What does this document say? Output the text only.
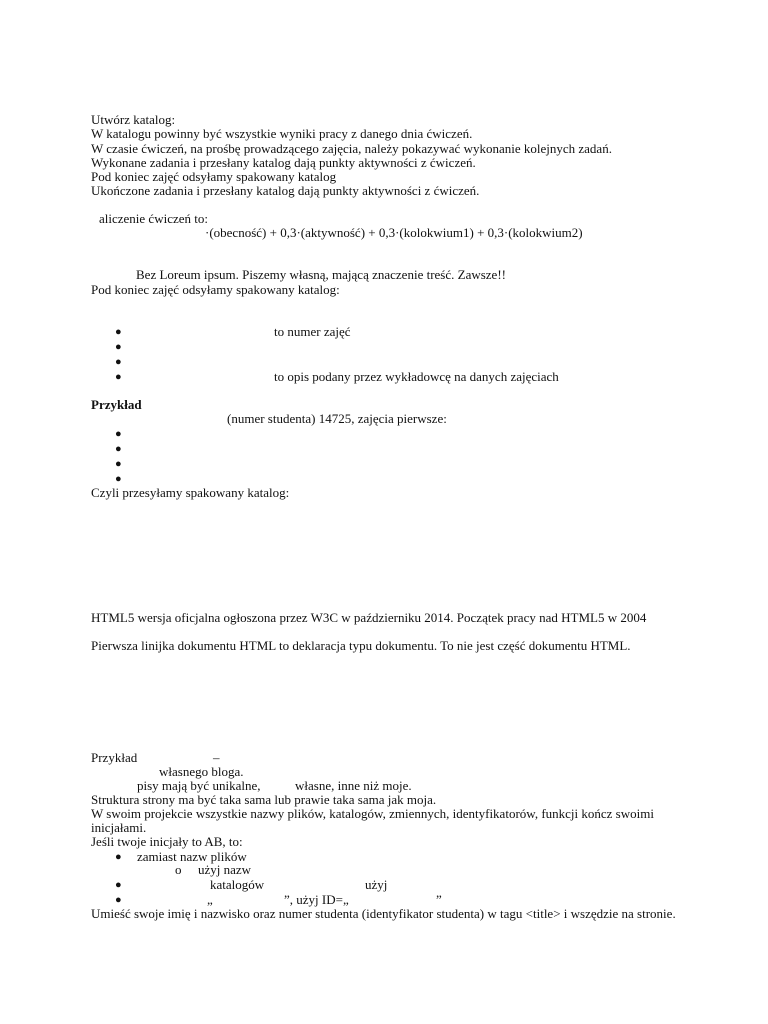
Utwórz katalog:
W katalogu powinny być wszystkie wyniki pracy z danego dnia ćwiczeń.
W czasie ćwiczeń, na prośbę prowadzącego zajęcia, należy pokazywać wykonanie kolejnych zadań.
Wykonane zadania i przesłany katalog dają punkty aktywności z ćwiczeń.
Pod koniec zajęć odsyłamy spakowany katalog
Ukończone zadania i przesłany katalog dają punkty aktywności z ćwiczeń.
aliczenie ćwiczeń to:
·(obecność) + 0,3·(aktywność) + 0,3·(kolokwium1) + 0,3·(kolokwium2)
Bez Loreum ipsum. Piszemy własną, mającą znaczenie treść. Zawsze!!
Pod koniec zajęć odsyłamy spakowany katalog:
●	to numer zajęć
●
●
●	to opis podany przez wykładowcę na danych zajęciach
Przykład
(numer studenta) 14725, zajęcia pierwsze:
●
●
●
●
Czyli przesyłamy spakowany katalog:
HTML5 wersja oficjalna ogłoszona przez W3C w październiku 2014. Początek pracy nad HTML5 w 2004
Pierwsza linijka dokumentu HTML to deklaracja typu dokumentu. To nie jest część dokumentu HTML.
Przykład	–
własnego bloga.
pisy mają być unikalne,	własne, inne niż moje.
Struktura strony ma być taka sama lub prawie taka sama jak moja.
W swoim projekcie wszystkie nazwy plików, katalogów, zmiennych, identyfikatorów, funkcji kończ swoimi
inicjałami.
Jeśli twoje inicjały to AB, to:
● zamiast nazw plików
o użyj nazw
●	katalogów	użyj
●	„	”, użyj ID=„	”
Umieść swoje imię i nazwisko oraz numer studenta (identyfikator studenta) w tagu <title> i wszędzie na stronie.
